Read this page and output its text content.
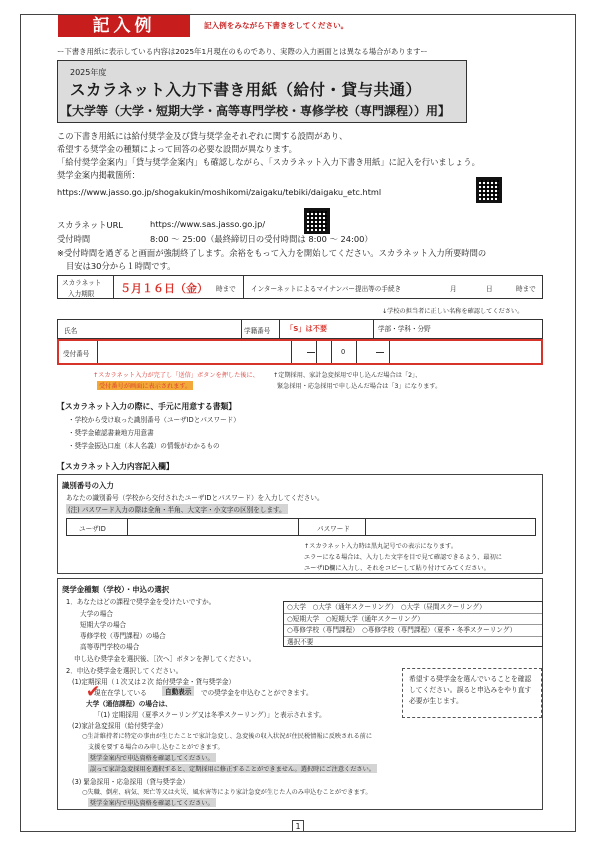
記入例	記入例をみながら下書きをしてください。
ー下書き用紙に表示している内容は2025年1月現在のものであり、実際の入力画面とは異なる場合がありますー
2025年度
スカラネット入力下書き用紙（給付・貸与共通）
【大学等（大学・短期大学・高等専門学校・専修学校（専門課程））用】
この下書き用紙には給付奨学金及び貸与奨学金それぞれに関する設問があり、
希望する奨学金の種類によって回答の必要な設問が異なります。
「給付奨学金案内」「貸与奨学金案内」も確認しながら、「スカラネット入力下書き用紙」に記入を行いましょう。
奨学金案内掲載箇所：
https://www.jasso.go.jp/shogakukin/moshikomi/zaigaku/tebiki/daigaku_etc.html
スカラネットURL	https://www.sas.jasso.go.jp/
受付時間	8:00 ～ 25:00（最終締切日の受付時間は 8:00 ～ 24:00）
※受付時間を過ぎると画面が強制終了します。余裕をもって入力を開始してください。スカラネット入力所要時間の
目安は30分から１時間です。
スカラネット
入力期限 ５月１６日（金） 時まで インターネットによるマイナンバー提出等の手続き	月	日	時まで
↓学校の担当者に正しい名称を確認してください。
氏名	学籍番号 「S」は不要	学部・学科・分野
受付番号	0
↑スカラネット入力が完了し「送信」ボタンを押した後に、
受付番号が画面に表示されます。
↑定期採用、家計急変採用で申し込んだ場合は「2」、
緊急採用・応急採用で申し込んだ場合は「3」になります。
【スカラネット入力の際に、手元に用意する書類】
・学校から受け取った識別番号（ユーザIDとパスワード）
・奨学金確認書兼地方用意書
・奨学金振込口座（本人名義）の情報がわかるもの
【スカラネット入力内容記入欄】
識別番号の入力
あなたの識別番号（学校から交付されたユーザIDとパスワード）を入力してください。
(注) パスワード入力の際は全角・半角、大文字・小文字の区別をします。
ユーザID	パスワード
↑スカラネット入力時は黒丸記号での表示になります。
エラーになる場合は、入力した文字を目で見て確認できるよう、最初に
ユーザID欄に入力し、それをコピーして貼り付けてみてください。
奨学金種類（学校）・申込の選択
1．あなたはどの課程で奨学金を受けたいですか。
大学の場合
短期大学の場合
専修学校（専門課程）の場合
高等専門学校の場合
申し込む奨学金を選択後、［次へ］ボタンを押してください。
2．申込む奨学金を選択してください。
(1)定期採用（１次又は２次 給付奨学金・貸与奨学金）
現在在学している	自動表示	での奨学金を申込むことができます。
大学（通信課程）の場合は、
「(1) 定期採用（夏季スクーリング又は冬季スクーリング）」と表示されます。
(2)家計急変採用（給付奨学金）
○生計維持者に特定の事由が生じたことで家計急変し、急変後の収入状況が住民税情報に反映される前に
支援を要する場合のみ申し込むことができます。
奨学金案内で申込資格を確認してください。
誤って家計急変採用を選択すると、定期採用に修正することができません。選択時にご注意ください。
(3) 緊急採用・応急採用（貸与奨学金）
○失職、倒産、病気、死亡等又は火災、風水害等により家計急変が生じた人のみ申込むことができます。
奨学金案内で申込資格を確認してください。
○大学　○大学（通年スクーリング）　○大学（昼間スクーリング）
○短期大学　○短期大学（通年スクーリング）
○専修学校（専門課程）　○専修学校（専門課程）（夏季・冬季スクーリング）
選択不要
✔
希望する奨学金を選んでいることを確認してください。誤ると申込みをやり直す必要が生じます。
1
